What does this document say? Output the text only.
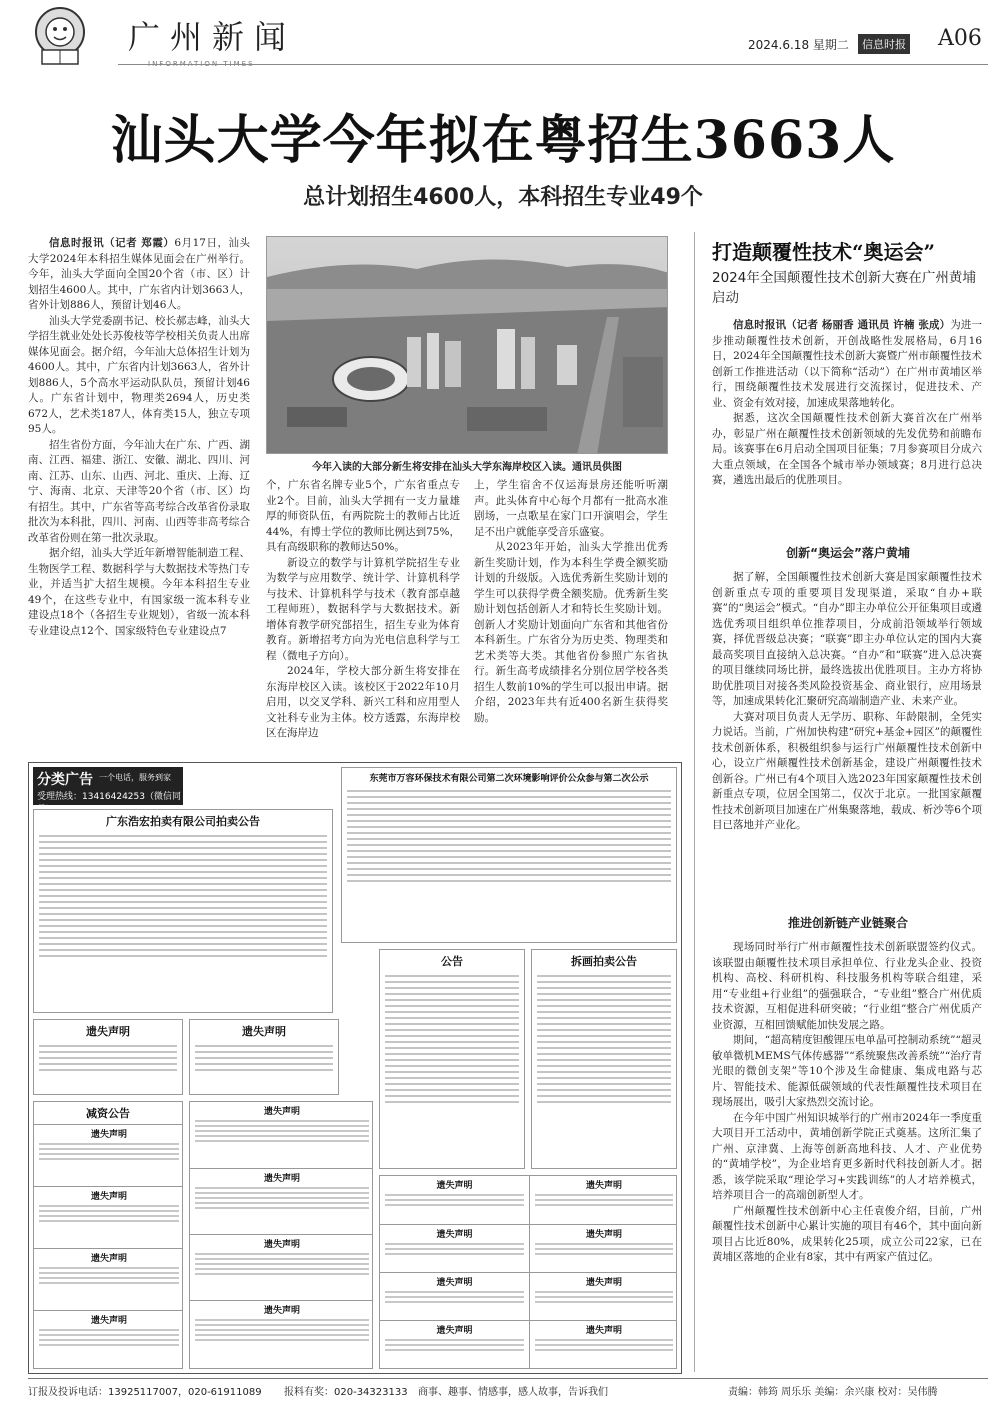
广州新闻
INFORMATION TIMES
2024.6.18 星期二	信息时报 A06
汕头大学今年拟在粤招生3663人
总计划招生4600人，本科招生专业49个

信息时报讯（记者 郑霞）6月17日，汕头大学2024年本科招生媒体见面会在广州举行。今年，汕头大学面向全国20个省（市、区）计划招生4600人。其中，广东省内计划3663人，省外计划886人，预留计划46人。

汕头大学党委副书记、校长郝志峰，汕头大学招生就业处处长苏俊枝等学校相关负责人出席媒体见面会。据介绍，今年汕大总体招生计划为4600人。其中，广东省内计划3663人，省外计划886人，5个高水平运动队队员，预留计划46人。广东省计划中，物理类2694人，历史类672人，艺术类187人，体育类15人，独立专项95人。

招生省份方面，今年汕大在广东、广西、湖南、江西、福建、浙江、安徽、湖北、四川、河南、江苏、山东、山西、河北、重庆、上海、辽宁、海南、北京、天津等20个省（市、区）均有招生。其中，广东省等高考综合改革省份录取批次为本科批，四川、河南、山西等非高考综合改革省份则在第一批次录取。

据介绍，汕头大学近年新增智能制造工程、生物医学工程、数据科学与大数据技术等热门专业，并适当扩大招生规模。今年本科招生专业49个，在这些专业中，有国家级一流本科专业建设点18个（各招生专业规划），省级一流本科专业建设点12个、国家级特色专业建设点7

今年入读的大部分新生将安排在汕头大学东海岸校区入读。通讯员供图

个，广东省名牌专业5个，广东省重点专业2个。目前，汕头大学拥有一支力量雄厚的师资队伍，有两院院士的教师占比近44%，有博士学位的教师比例达到75%，具有高级职称的教师达50%。

新设立的数学与计算机学院招生专业为数学与应用数学、统计学、计算机科学与技术、计算机科学与技术（教育部卓越工程师班），数据科学与大数据技术。新增体育教学研究部招生，招生专业为体育教育。新增招考方向为光电信息科学与工程（微电子方向）。

2024年，学校大部分新生将安排在东海岸校区入读。该校区于2022年10月启用，以交叉学科、新兴工科和应用型人文社科专业为主体。校方透露，东海岸校区在海岸边

上，学生宿舍不仅运海景房还能听听潮声。此头体育中心每个月都有一批高水准剧场，一点歌星在家门口开演唱会，学生足不出户就能享受音乐盛宴。

从2023年开始，汕头大学推出优秀新生奖励计划，作为本科生学费全额奖励计划的升级版。入选优秀新生奖励计划的学生可以获得学费全额奖励。优秀新生奖励计划包括创新人才和特长生奖励计划。创新人才奖励计划面向广东省和其他省份本科新生。广东省分为历史类、物理类和艺术类等大类。其他省份参照广东省执行。新生高考成绩排名分别位居学校各类招生人数前10%的学生可以报出申请。据介绍，2023年共有近400名新生获得奖励。

打造颠覆性技术“奥运会”
2024年全国颠覆性技术创新大赛在广州黄埔启动

信息时报讯（记者 杨丽香 通讯员 许楠 张成）为进一步推动颠覆性技术创新，开创战略性发展格局，6月16日，2024年全国颠覆性技术创新大赛暨广州市颠覆性技术创新工作推进活动（以下简称“活动”）在广州市黄埔区举行，围绕颠覆性技术发展进行交流探讨，促进技术、产业、资金有效对接，加速成果落地转化。

据悉，这次全国颠覆性技术创新大赛首次在广州举办，彰显广州在颠覆性技术创新领域的先发优势和前瞻布局。该赛事在6月启动全国项目征集；7月参赛项目分成六大重点领域，在全国各个城市举办领域赛；8月进行总决赛，遴选出最后的优胜项目。

创新“奥运会”落户黄埔

据了解，全国颠覆性技术创新大赛是国家颠覆性技术创新重点专项的重要项目发现渠道，采取“自办+联赛”的“奥运会”模式。“自办”即主办单位公开征集项目或遴选优秀项目组织单位推荐项目，分成前沿领域举行领域赛，择优晋级总决赛；“联赛”即主办单位认定的国内大赛最高奖项目直接纳入总决赛。“自办”和“联赛”进入总决赛的项目继续同场比拼，最终选拔出优胜项目。主办方将协助优胜项目对接各类风险投资基金、商业银行，应用场景等，加速成果转化汇聚研究高端制造产业、未来产业。

大赛对项目负责人无学历、职称、年龄限制，全凭实力说话。当前，广州加快构建“研究+基金+园区”的颠覆性技术创新体系，积极组织参与运行广州颠覆性技术创新中心，设立广州颠覆性技术创新基金，建设广州颠覆性技术创新谷。广州已有4个项目入选2023年国家颠覆性技术创新重点专项，位居全国第二，仅次于北京。一批国家颠覆性技术创新项目加速在广州集聚落地，载成、析沙等6个项目已落地并产业化。

推进创新链产业链聚合

现场同时举行广州市颠覆性技术创新联盟签约仪式。该联盟由颠覆性技术项目承担单位、行业龙头企业、投资机构、高校、科研机构、科技服务机构等联合组建，采用“专业组+行业组”的强强联合，“专业组”整合广州优质技术资源，互相促进科研突破；“行业组”整合广州优质产业资源，互相回馈赋能加快发展之路。

期间，“超高精度钽酸锂压电单晶可控制动系统”“超灵敏单微机MEMS气体传感器”“系统聚焦改善系统”“治疗青光眼的微创支架”等10个涉及生命健康、集成电路与芯片、智能技术、能源低碳领域的代表性颠覆性技术项目在现场展出，吸引大家热烈交流讨论。

在今年中国广州知识城举行的广州市2024年一季度重大项目开工活动中，黄埔创新学院正式奠基。这所汇集了广州、京津冀、上海等创新高地科技、人才、产业优势的“黄埔学校”，为企业培育更多新时代科技创新人才。据悉，该学院采取“理论学习+实践训练”的人才培养模式，培养项目合一的高端创新型人才。

广州颠覆性技术创新中心主任袁俊介绍，目前，广州颠覆性技术创新中心累计实施的项目有46个，其中面向新项目占比近80%，成果转化25项，成立公司22家，已在黄埔区落地的企业有8家，其中有两家产值过亿。

分类广告 一个电话，服务到家
受理热线：13416424253（微信同号）
广东浩宏拍卖有限公司拍卖公告
东莞市万容环保技术有限公司第二次环境影响评价公众参与第二次公示
遗失声明	遗失声明
减资公告
遗失声明
遗失声明
遗失声明
遗失声明
遗失声明
遗失声明
遗失声明
遗失声明
公告	拆画拍卖公告
遗失声明	遗失声明
遗失声明	遗失声明
遗失声明	遗失声明
遗失声明	遗失声明
订报及投诉电话：13925117007，020-61911089 报料有奖：020-34323133 商事、趣事、情感事，感人故事，告诉我们	责编：韩筠 周乐乐 美编：余兴康 校对：吴伟腾
